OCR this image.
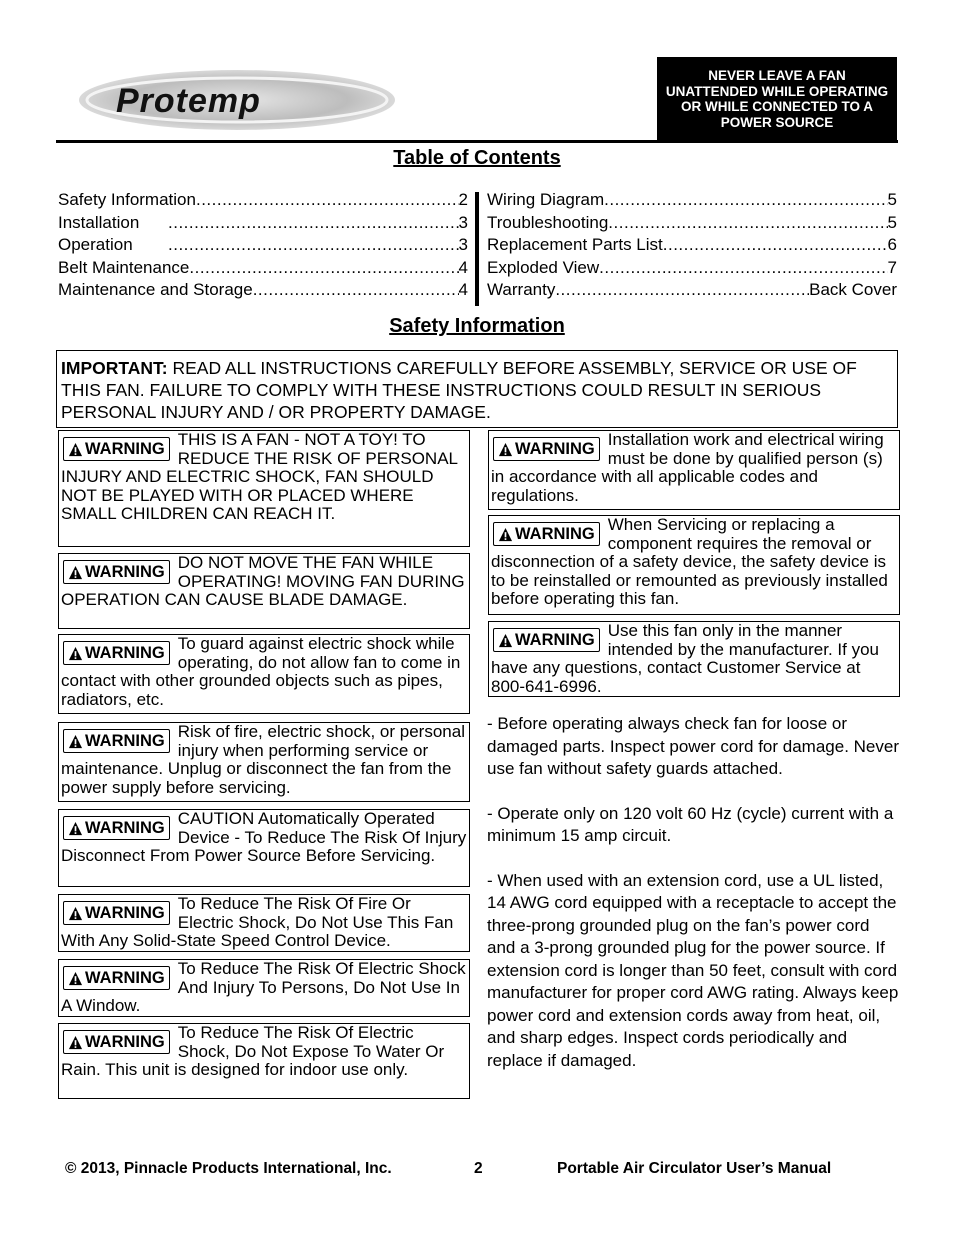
Protemp
NEVER LEAVE A FAN UNATTENDED WHILE OPERATING OR WHILE CONNECTED TO A POWER SOURCE
Table of Contents
Safety Information .....	2
Installation .....	3
Operation .....	3
Belt Maintenance .....	4
Maintenance and Storage .....	4
Wiring Diagram .....	5
Troubleshooting .....	5
Replacement Parts List .....	6
Exploded View .....	7
Warranty .....	Back Cover
Safety Information
IMPORTANT: READ ALL INSTRUCTIONS CAREFULLY BEFORE ASSEMBLY, SERVICE OR USE OF THIS FAN. FAILURE TO COMPLY WITH THESE INSTRUCTIONS COULD RESULT IN SERIOUS PERSONAL INJURY AND / OR PROPERTY DAMAGE.
WARNING THIS IS A FAN - NOT A TOY! TO REDUCE THE RISK OF PERSONAL INJURY AND ELECTRIC SHOCK, FAN SHOULD NOT BE PLAYED WITH OR PLACED WHERE SMALL CHILDREN CAN REACH IT.
WARNING DO NOT MOVE THE FAN WHILE OPERATING! MOVING FAN DURING OPERATION CAN CAUSE BLADE DAMAGE.
WARNING To guard against electric shock while operating, do not allow fan to come in contact with other grounded objects such as pipes, radiators, etc.
WARNING Risk of fire, electric shock, or personal injury when performing service or maintenance. Unplug or disconnect the fan from the power supply before servicing.
WARNING CAUTION Automatically Operated Device - To Reduce The Risk Of Injury Disconnect From Power Source Before Servicing.
WARNING To Reduce The Risk Of Fire Or Electric Shock, Do Not Use This Fan With Any Solid-State Speed Control Device.
WARNING To Reduce The Risk Of Electric Shock And Injury To Persons, Do Not Use In A Window.
WARNING To Reduce The Risk Of Electric Shock, Do Not Expose To Water Or Rain. This unit is designed for indoor use only.
WARNING Installation work and electrical wiring must be done by qualified person (s) in accordance with all applicable codes and regulations.
WARNING When Servicing or replacing a component requires the removal or disconnection of a safety device, the safety device is to be reinstalled or remounted as previously installed before operating this fan.
WARNING Use this fan only in the manner intended by the manufacturer. If you have any questions, contact Customer Service at 800-641-6996.

- Before operating always check fan for loose or damaged parts. Inspect power cord for damage. Never use fan without safety guards attached.

- Operate only on 120 volt 60 Hz (cycle) current with a minimum 15 amp circuit.

- When used with an extension cord, use a UL listed, 14 AWG cord equipped with a receptacle to accept the three-prong grounded plug on the fan’s power cord and a 3-prong grounded plug for the power source. If extension cord is longer than 50 feet, consult with cord manufacturer for proper cord AWG rating. Always keep power cord and extension cords away from heat, oil, and sharp edges. Inspect cords periodically and replace if damaged.

© 2013, Pinnacle Products International, Inc.	2	Portable Air Circulator User’s Manual
